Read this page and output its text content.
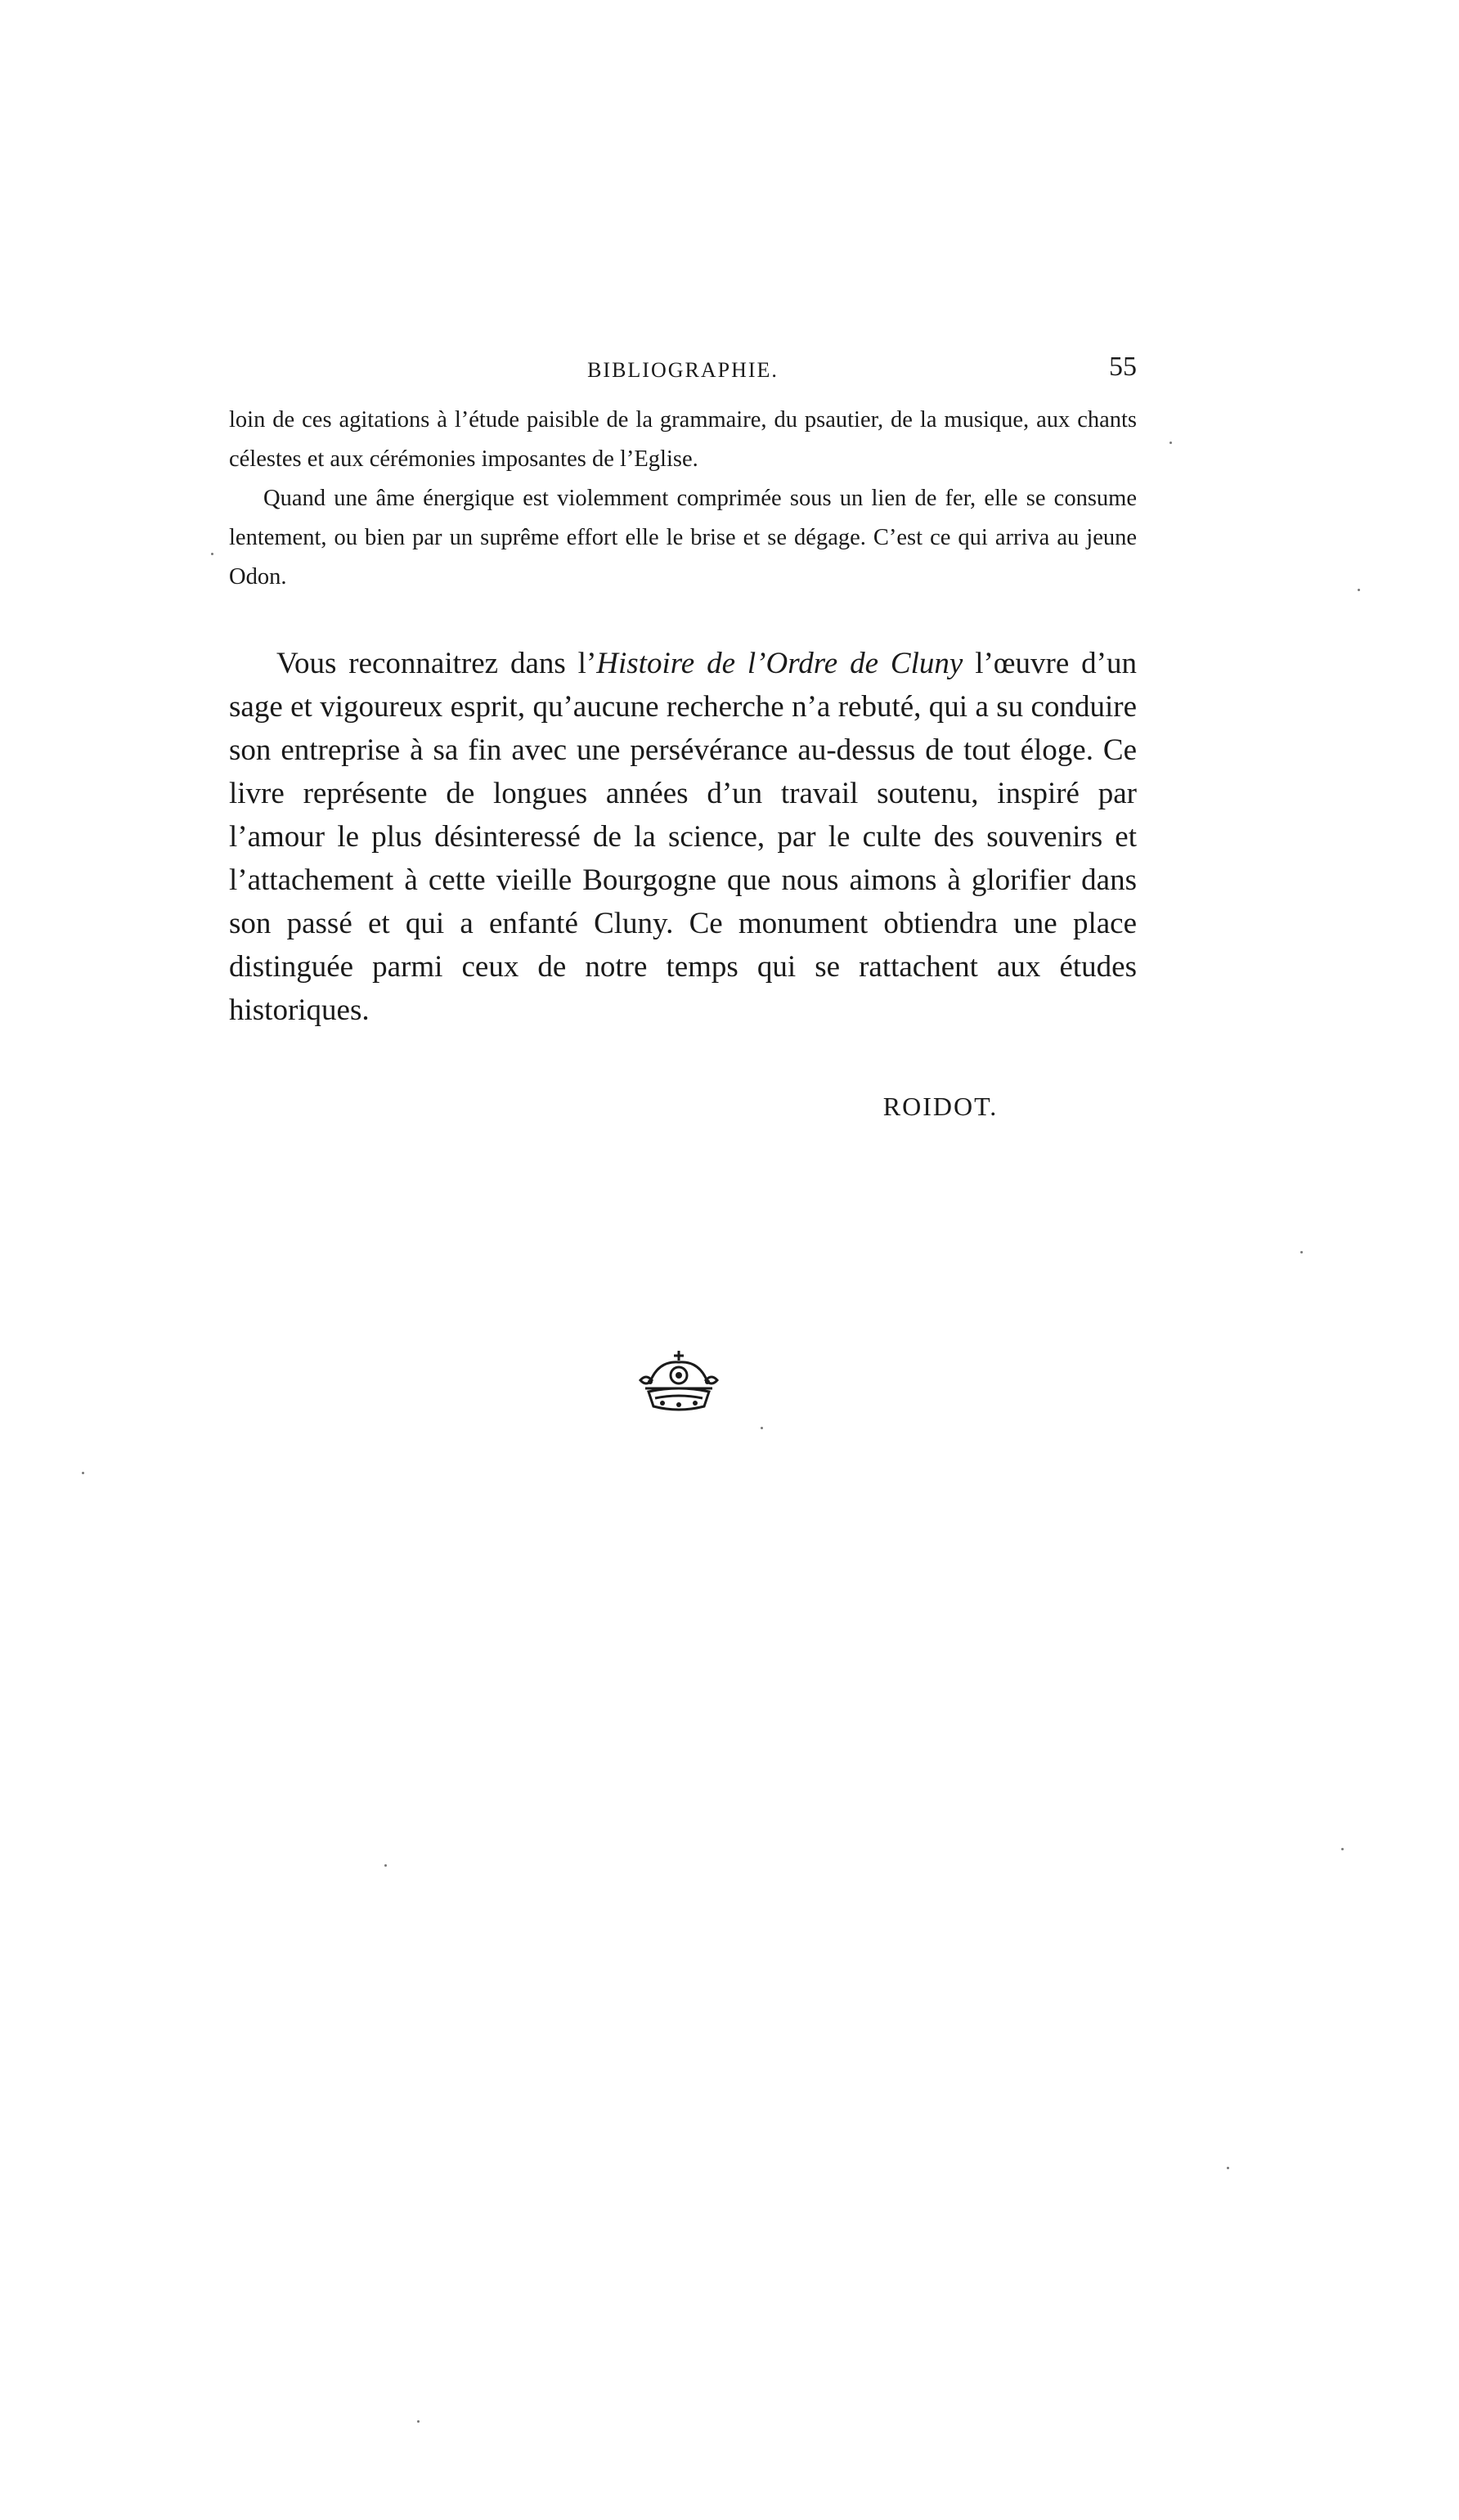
BIBLIOGRAPHIE.	55

loin de ces agitations à l’étude paisible de la grammaire, du psautier, de la musique, aux chants célestes et aux cérémonies imposantes de l’Eglise.

Quand une âme énergique est violemment comprimée sous un lien de fer, elle se consume lentement, ou bien par un suprême effort elle le brise et se dégage. C’est ce qui arriva au jeune Odon.

Vous reconnaitrez dans l’Histoire de l’Ordre de Cluny l’œuvre d’un sage et vigoureux esprit, qu’aucune recherche n’a rebuté, qui a su conduire son entreprise à sa fin avec une persévérance au-dessus de tout éloge. Ce livre représente de longues années d’un travail soutenu, inspiré par l’amour le plus désinteressé de la science, par le culte des souvenirs et l’attachement à cette vieille Bourgogne que nous aimons à glorifier dans son passé et qui a enfanté Cluny. Ce monument obtiendra une place distinguée parmi ceux de notre temps qui se rattachent aux études historiques.

ROIDOT.
